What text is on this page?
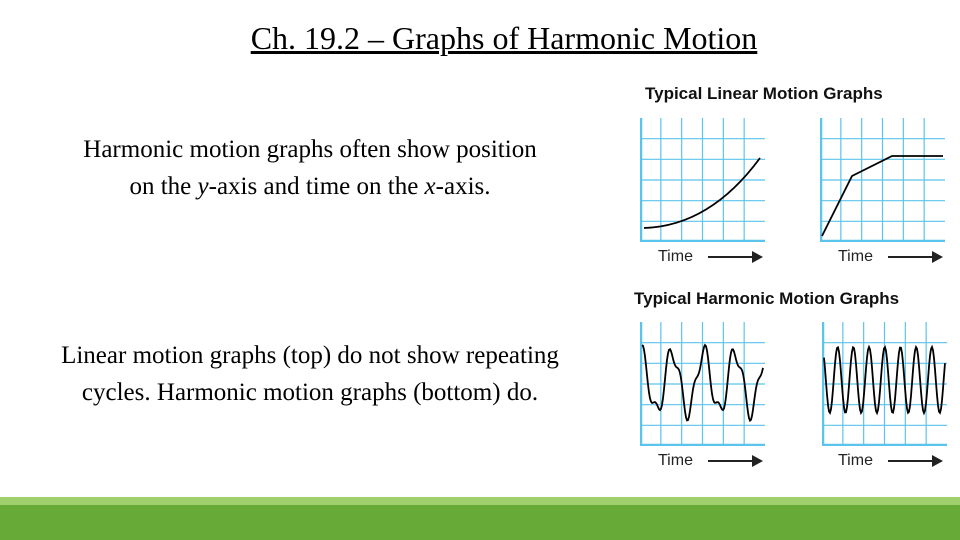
Ch. 19.2 – Graphs of Harmonic Motion
Harmonic motion graphs often show position
on the y-axis and time on the x-axis.
Linear motion graphs (top) do not show repeating
cycles. Harmonic motion graphs (bottom) do.
Typical Linear Motion Graphs
Typical Harmonic Motion Graphs
Time	Time
Time	Time
